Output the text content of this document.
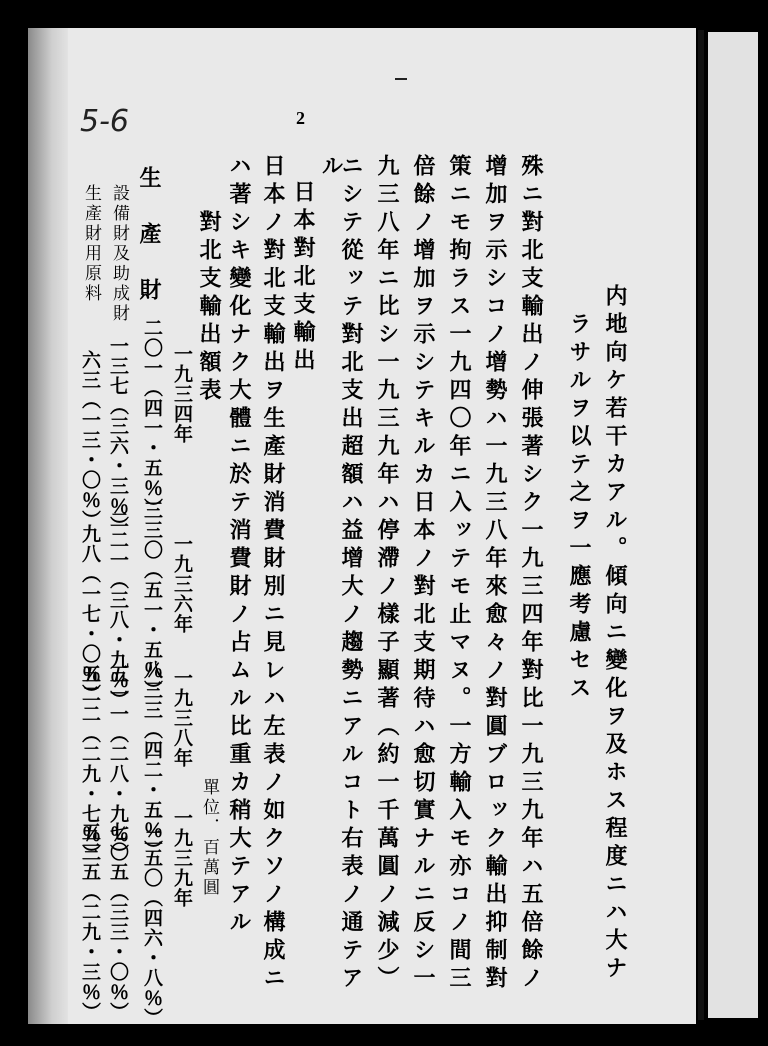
5-6	2
内地向ケ若干カアル。傾向ニ變化ヲ及ホス程度ニハ大ナ
ラサルヲ以テ之ヲ一應考慮セス
殊ニ對北支輸出ノ伸張著シク一九三四年對比一九三九年ハ五倍餘ノ
增加ヲ示シコノ增勢ハ一九三八年來愈々ノ對圓ブロック輸出抑制對
策ニモ拘ラス一九四〇年ニ入ッテモ止マヌ。一方輸入モ亦コノ間三
倍餘ノ增加ヲ示シテキルカ日本ノ對北支期待ハ愈切實ナルニ反シ一
九三八年ニ比シ一九三九年ハ停滯ノ樣子顯著（約一千萬圓ノ減少）
ニシテ從ッテ對北支出超額ハ益增大ノ趨勢ニアルコト右表ノ通テア
ル
日本對北支輸出
日本ノ對北支輸出ヲ生產財消費財別ニ見レハ左表ノ如クソノ構成ニ
ハ著シキ變化ナク大體ニ於テ消費財ノ占ムル比重カ稍大テアル
對北支輸出額表
單位．百萬圓
一九三四年
一九三六年
一九三八年
一九三九年
生　產　財
二〇一（四一・五％）
三三〇（五一・五％）
八三三（四二・五％）
一二五〇（四六・八％）
設備財及助成財
一三七（三六・三％）
二二一（三八・九％）
五一一（二八・九％）
七〇五（三三・〇％）
生產財用原料
六三（一三・〇％）
九八（一七・〇％）
五二二（二九・七％）
五三五（二九・三％）
